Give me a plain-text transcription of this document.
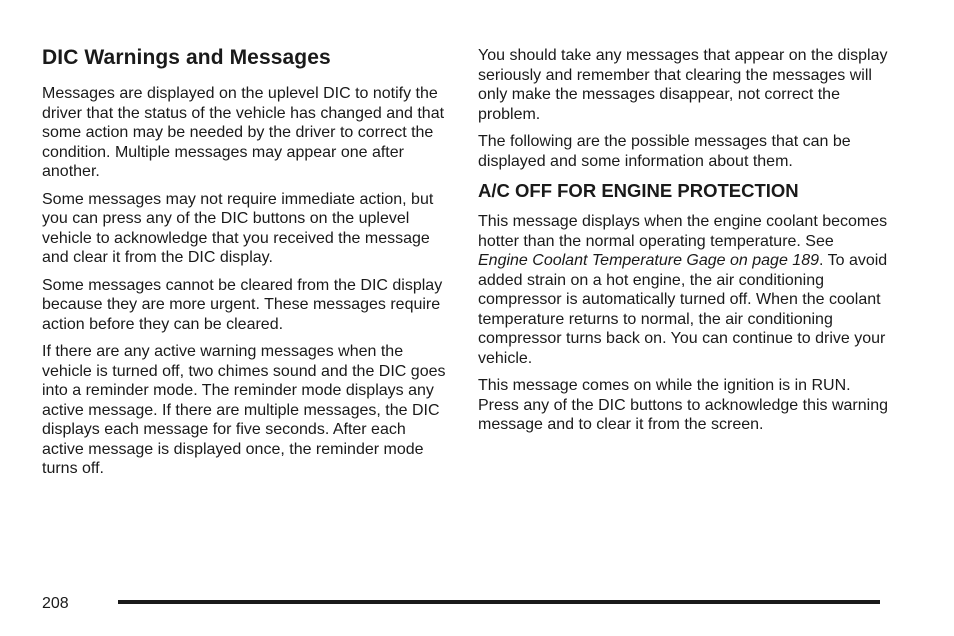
DIC Warnings and Messages

Messages are displayed on the uplevel DIC to notify the driver that the status of the vehicle has changed and that some action may be needed by the driver to correct the condition. Multiple messages may appear one after another.

Some messages may not require immediate action, but you can press any of the DIC buttons on the uplevel vehicle to acknowledge that you received the message and clear it from the DIC display.

Some messages cannot be cleared from the DIC display because they are more urgent. These messages require action before they can be cleared.

If there are any active warning messages when the vehicle is turned off, two chimes sound and the DIC goes into a reminder mode. The reminder mode displays any active message. If there are multiple messages, the DIC displays each message for five seconds. After each active message is displayed once, the reminder mode turns off.

You should take any messages that appear on the display seriously and remember that clearing the messages will only make the messages disappear, not correct the problem.

The following are the possible messages that can be displayed and some information about them.

A/C OFF FOR ENGINE PROTECTION

This message displays when the engine coolant becomes hotter than the normal operating temperature. See Engine Coolant Temperature Gage on page 189. To avoid added strain on a hot engine, the air conditioning compressor is automatically turned off. When the coolant temperature returns to normal, the air conditioning compressor turns back on. You can continue to drive your vehicle.

This message comes on while the ignition is in RUN. Press any of the DIC buttons to acknowledge this warning message and to clear it from the screen.

208
